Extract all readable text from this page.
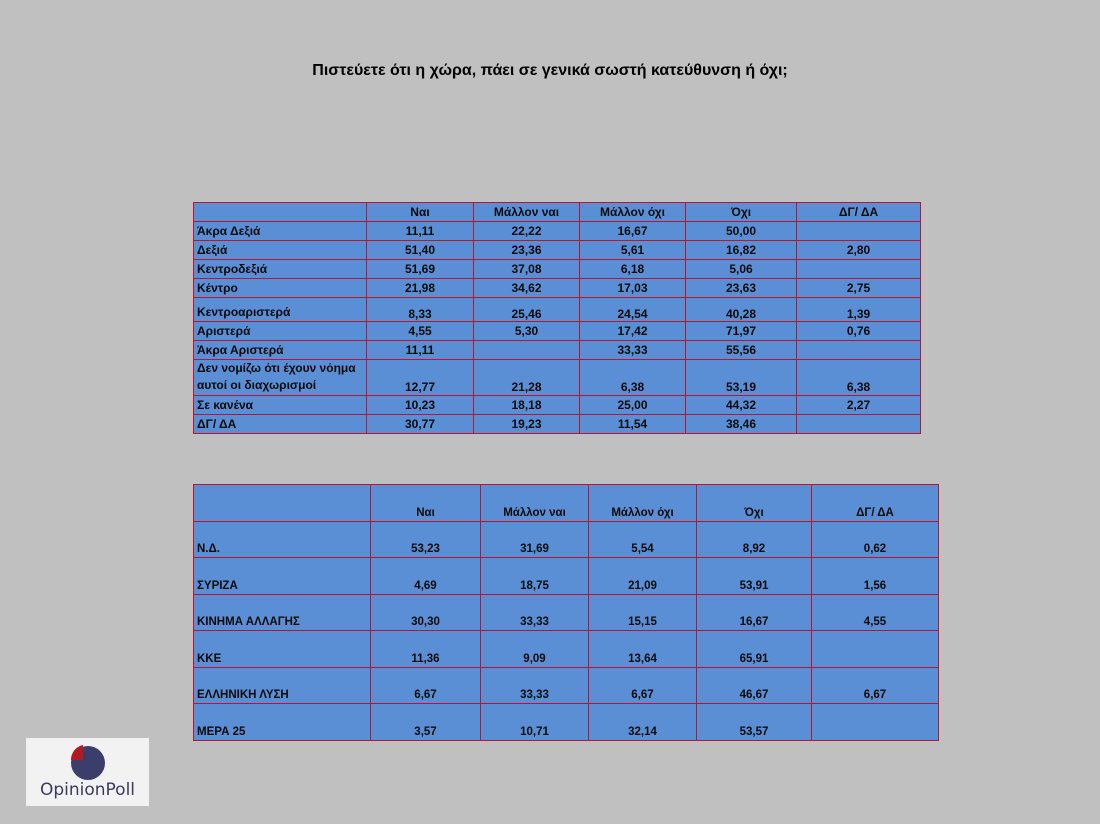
Πιστεύετε ότι η χώρα, πάει σε γενικά σωστή κατεύθυνση ή όχι;
	Ναι	Μάλλον ναι	Μάλλον όχι	Όχι	ΔΓ/ ΔΑ
Άκρα Δεξιά	11,11	22,22	16,67	50,00	
Δεξιά	51,40	23,36	5,61	16,82	2,80
Κεντροδεξιά	51,69	37,08	6,18	5,06	
Κέντρο	21,98	34,62	17,03	23,63	2,75
Κεντροαριστερά	8,33	25,46	24,54	40,28	1,39
Αριστερά	4,55	5,30	17,42	71,97	0,76
Άκρα Αριστερά	11,11		33,33	55,56	

Δεν νομίζω ότι έχουν νόημα
αυτοί οι διαχωρισμοί	12,77	21,28	6,38	53,19	6,38
Σε κανένα	10,23	18,18	25,00	44,32	2,27
ΔΓ/ ΔΑ	30,77	19,23	11,54	38,46	
	Ναι	Μάλλον ναι	Μάλλον όχι	Όχι	ΔΓ/ ΔΑ
Ν.Δ.	53,23	31,69	5,54	8,92	0,62
ΣΥΡΙΖΑ	4,69	18,75	21,09	53,91	1,56
ΚΙΝΗΜΑ ΑΛΛΑΓΗΣ	30,30	33,33	15,15	16,67	4,55
ΚΚΕ	11,36	9,09	13,64	65,91	
ΕΛΛΗΝΙΚΗ ΛΥΣΗ	6,67	33,33	6,67	46,67	6,67
ΜΕΡΑ 25	3,57	10,71	32,14	53,57	
OpinionPoll
